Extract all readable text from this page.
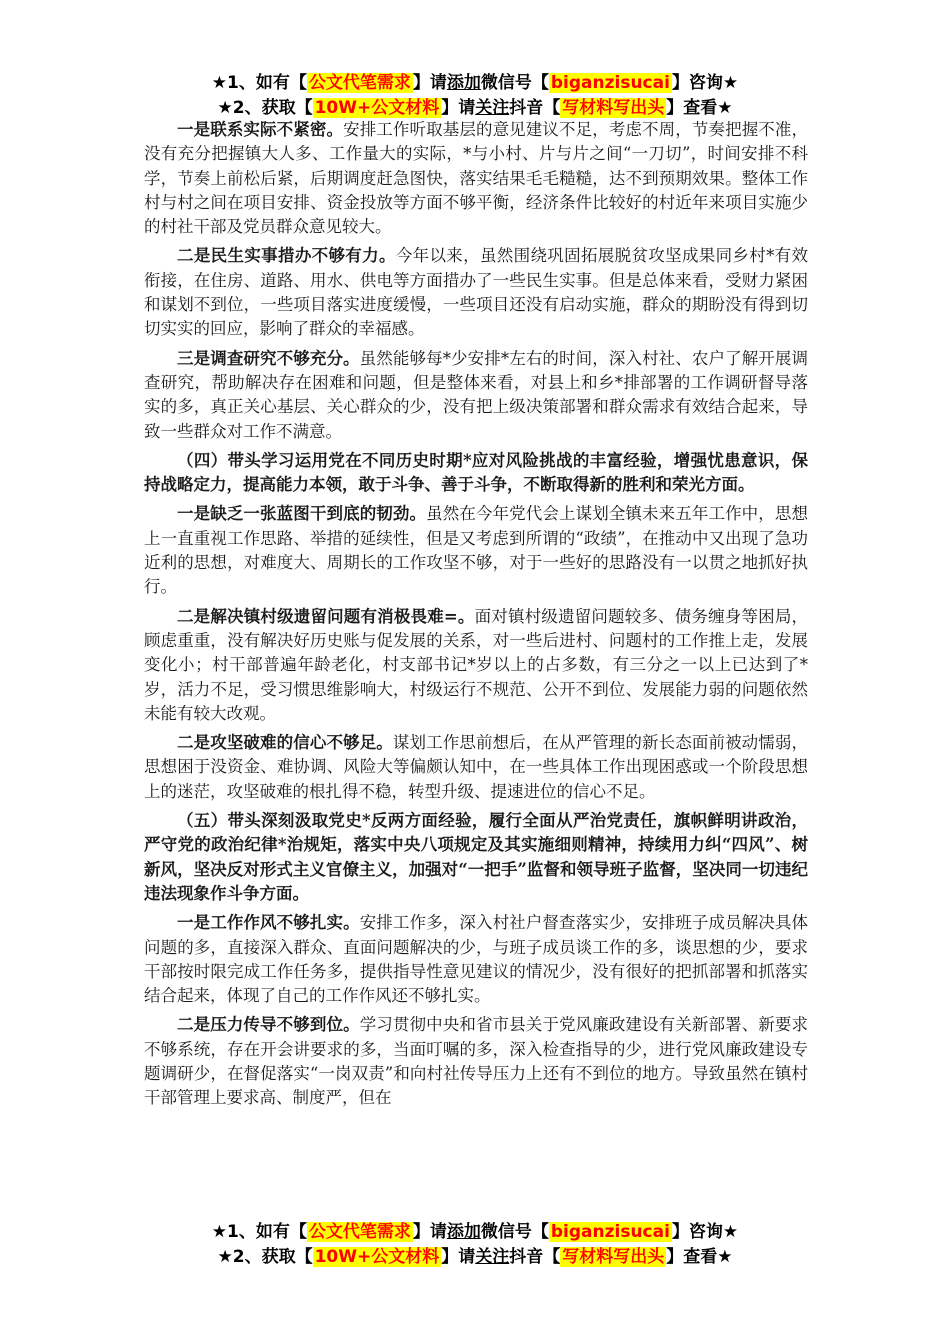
★1、如有【 公文代笔需求 】请添加微信号【 biganzisucai 】咨询★
★2、获取【 10W+公文材料 】请关注抖音【 写材料写出头 】查看★

一是联系实际不紧密。安排工作听取基层的意见建议不足，考虑不周，节奏把握不准，没有充分把握镇大人多、工作量大的实际，*与小村、片与片之间“一刀切”，时间安排不科学，节奏上前松后紧，后期调度赶急图快，落实结果毛毛糙糙，达不到预期效果。整体工作村与村之间在项目安排、资金投放等方面不够平衡，经济条件比较好的村近年来项目实施少的村社干部及党员群众意见较大。

二是民生实事措办不够有力。今年以来，虽然围绕巩固拓展脱贫攻坚成果同乡村*有效衔接，在住房、道路、用水、供电等方面措办了一些民生实事。但是总体来看，受财力紧困和谋划不到位，一些项目落实进度缓慢，一些项目还没有启动实施，群众的期盼没有得到切切实实的回应，影响了群众的幸福感。

三是调查研究不够充分。虽然能够每*少安排*左右的时间，深入村社、农户了解开展调查研究，帮助解决存在困难和问题，但是整体来看，对县上和乡*排部署的工作调研督导落实的多，真正关心基层、关心群众的少，没有把上级决策部署和群众需求有效结合起来，导致一些群众对工作不满意。

（四）带头学习运用党在不同历史时期*应对风险挑战的丰富经验，增强忧患意识，保持战略定力，提高能力本领，敢于斗争、善于斗争，不断取得新的胜利和荣光方面。

一是缺乏一张蓝图干到底的韧劲。虽然在今年党代会上谋划全镇未来五年工作中，思想上一直重视工作思路、举措的延续性，但是又考虑到所谓的“政绩”，在推动中又出现了急功近利的思想，对难度大、周期长的工作攻坚不够，对于一些好的思路没有一以贯之地抓好执行。

二是解决镇村级遗留问题有消极畏难=。面对镇村级遗留问题较多、债务缠身等困局，顾虑重重，没有解决好历史账与促发展的关系，对一些后进村、问题村的工作推上走，发展变化小；村干部普遍年龄老化，村支部书记*岁以上的占多数，有三分之一以上已达到了*岁，活力不足，受习惯思维影响大，村级运行不规范、公开不到位、发展能力弱的问题依然未能有较大改观。

二是攻坚破难的信心不够足。谋划工作思前想后，在从严管理的新长态面前被动懦弱，思想困于没资金、难协调、风险大等偏颇认知中，在一些具体工作出现困惑或一个阶段思想上的迷茫，攻坚破难的根扎得不稳，转型升级、提速进位的信心不足。

（五）带头深刻汲取党史*反两方面经验，履行全面从严治党责任，旗帜鲜明讲政治，严守党的政治纪律*治规矩，落实中央八项规定及其实施细则精神，持续用力纠“四风”、树新风，坚决反对形式主义官僚主义，加强对“一把手”监督和领导班子监督，坚决同一切违纪违法现象作斗争方面。

一是工作作风不够扎实。安排工作多，深入村社户督查落实少，安排班子成员解决具体问题的多，直接深入群众、直面问题解决的少，与班子成员谈工作的多，谈思想的少，要求干部按时限完成工作任务多，提供指导性意见建议的情况少，没有很好的把抓部署和抓落实结合起来，体现了自己的工作作风还不够扎实。

二是压力传导不够到位。学习贯彻中央和省市县关于党风廉政建设有关新部署、新要求不够系统，存在开会讲要求的多，当面叮嘱的多，深入检查指导的少，进行党风廉政建设专题调研少，在督促落实“一岗双责”和向村社传导压力上还有不到位的地方。导致虽然在镇村干部管理上要求高、制度严，但在

★1、如有【 公文代笔需求 】请添加微信号【 biganzisucai 】咨询★
★2、获取【 10W+公文材料 】请关注抖音【 写材料写出头 】查看★
